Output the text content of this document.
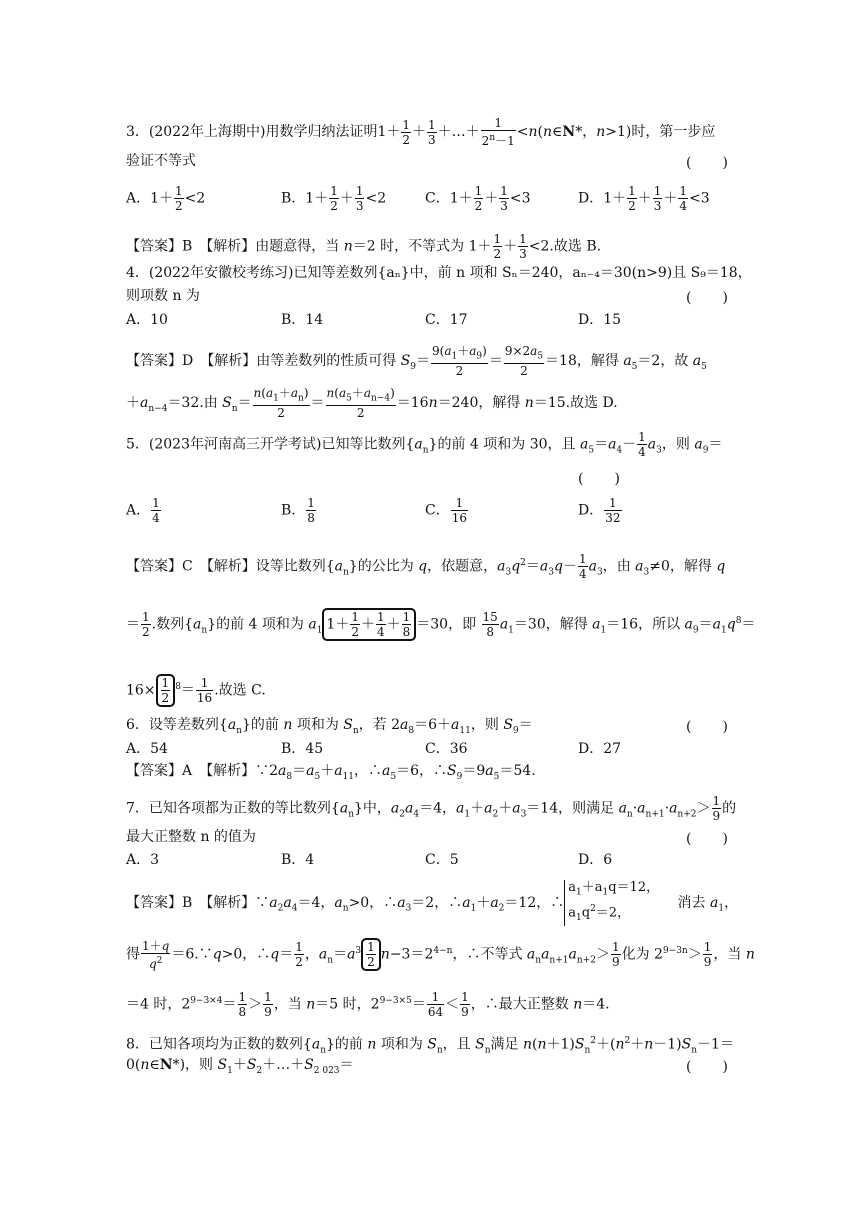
3．(2022年上海期中)用数学归纳法证明$1+ \frac{1}{2} + \frac{1}{3}$ ＋…＋ $\frac{1}{2^n-1}$ <n(n∈N*，n>1)时，第一步应
验证不等式	(　　)
A．$1+ \frac{1}{2} <2$	B．$1+ \frac{1}{2} + \frac{1}{3} <2$	C．$1+ \frac{1}{2} + \frac{1}{3} <3$	D．$1+ \frac{1}{2} + \frac{1}{3} + \frac{1}{4} <3$
【答案】B　【解析】由题意得，当 n＝2 时，不等式为 $1+ \frac{1}{2} + \frac{1}{3} <2$.故选 B.
4．(2022年安徽校考练习)已知等差数列{aₙ}中，前 n 项和 Sₙ＝240，aₙ₋₄＝30(n>9)且 S₉＝18，
则项数 n 为	(　　)
A．10	B．14	C．17	D．15
【答案】D　【解析】由等差数列的性质可得 $S_9= \frac{9(a_1+a_9)}{2} = \frac{9\times 2a_5}{2} =18$，解得 $a_5=2$，故 $a_5$
$+a_{n-4}=32$.由 $S_n= \frac{n(a_1+a_n)}{2} = \frac{n(a_5+a_{n-4})}{2} =16n=240$，解得 n＝15.故选 D.
5．(2023年河南高三开学考试)已知等比数列$\{a_n\}$的前 4 项和为 30，且 $a_5=a_4- \frac{1}{4} a_3$，则 $a_9=$
(　　)
A． $\frac{1}{4}$	B． $\frac{1}{8}$	C． $\frac{1}{16}$	D． $\frac{1}{32}$
【答案】C　【解析】设等比数列$\{a_n\}$的公比为 q，依题意，$a_3q^2=a_3q- \frac{1}{4} a_3$，由 $a_3\ne 0$，解得 q
＝ $\frac{1}{2}$ .数列$\{a_n\}$的前 4 项和为 $a_1$ $1+ \frac{1}{2} + \frac{1}{4} + \frac{1}{8} =30$，即 $\frac{15}{8} a_1=30$，解得 $a_1=16$，所以 $a_9=a_1q^8=$
$16\times \frac{1}{2} ^8= \frac{1}{16}$ .故选 C.
6．设等差数列$\{a_n\}$的前 n 项和为 $S_n$，若 $2a_8=6+a_{11}$，则 $S_9=$	(　　)
A．54	B．45	C．36	D．27
【答案】A　【解析】$\because 2a_8=a_5+a_{11}$，$\therefore a_5=6$，$\therefore S_9=9a_5=54$.
7．已知各项都为正数的等比数列$\{a_n\}$中，$a_2a_4=4$，$a_1+a_2+a_3=14$，则满足 $a_n\cdot a_{n+1}\cdot a_{n+2}> \frac{1}{9}$ 的
最大正整数 n 的值为	(　　)
A．3	B．4	C．5	D．6
【答案】B　【解析】$\because a_2a_4=4$，$a_n>0$，$\therefore a_3=2$，$\therefore a_1+a_2=12$，$\therefore a_1+a_1q=12$，
$a_1q^2=2$，　 消去 $a_1$，
得 $\frac{1+q}{q^2}$ ＝6.∵q>0，∴q＝ $\frac{1}{2}$ ，$a_n=a^3 \frac{1}{2} n-3=2^{4-n}$，∴不等式 $a_na_{n+1}a_{n+2}> \frac{1}{9}$ 化为 $2^{9-3n}> \frac{1}{9}$ ，当 n
＝4 时，$2^{9-3\times 4}= \frac{1}{8} > \frac{1}{9}$ ，当 n＝5 时，$2^{9-3\times 5}= \frac{1}{64} < \frac{1}{9}$ ，∴最大正整数 n＝4.
8．已知各项均为正数的数列$\{a_n\}$的前 n 项和为 $S_n$，且 $S_n$满足 $n(n+1)S_n^2+(n^2+n-1)S_n-1=$
0(n∈N*)，则 $S_1+S_2+\dots+S_{2 023}=$	(　　)
